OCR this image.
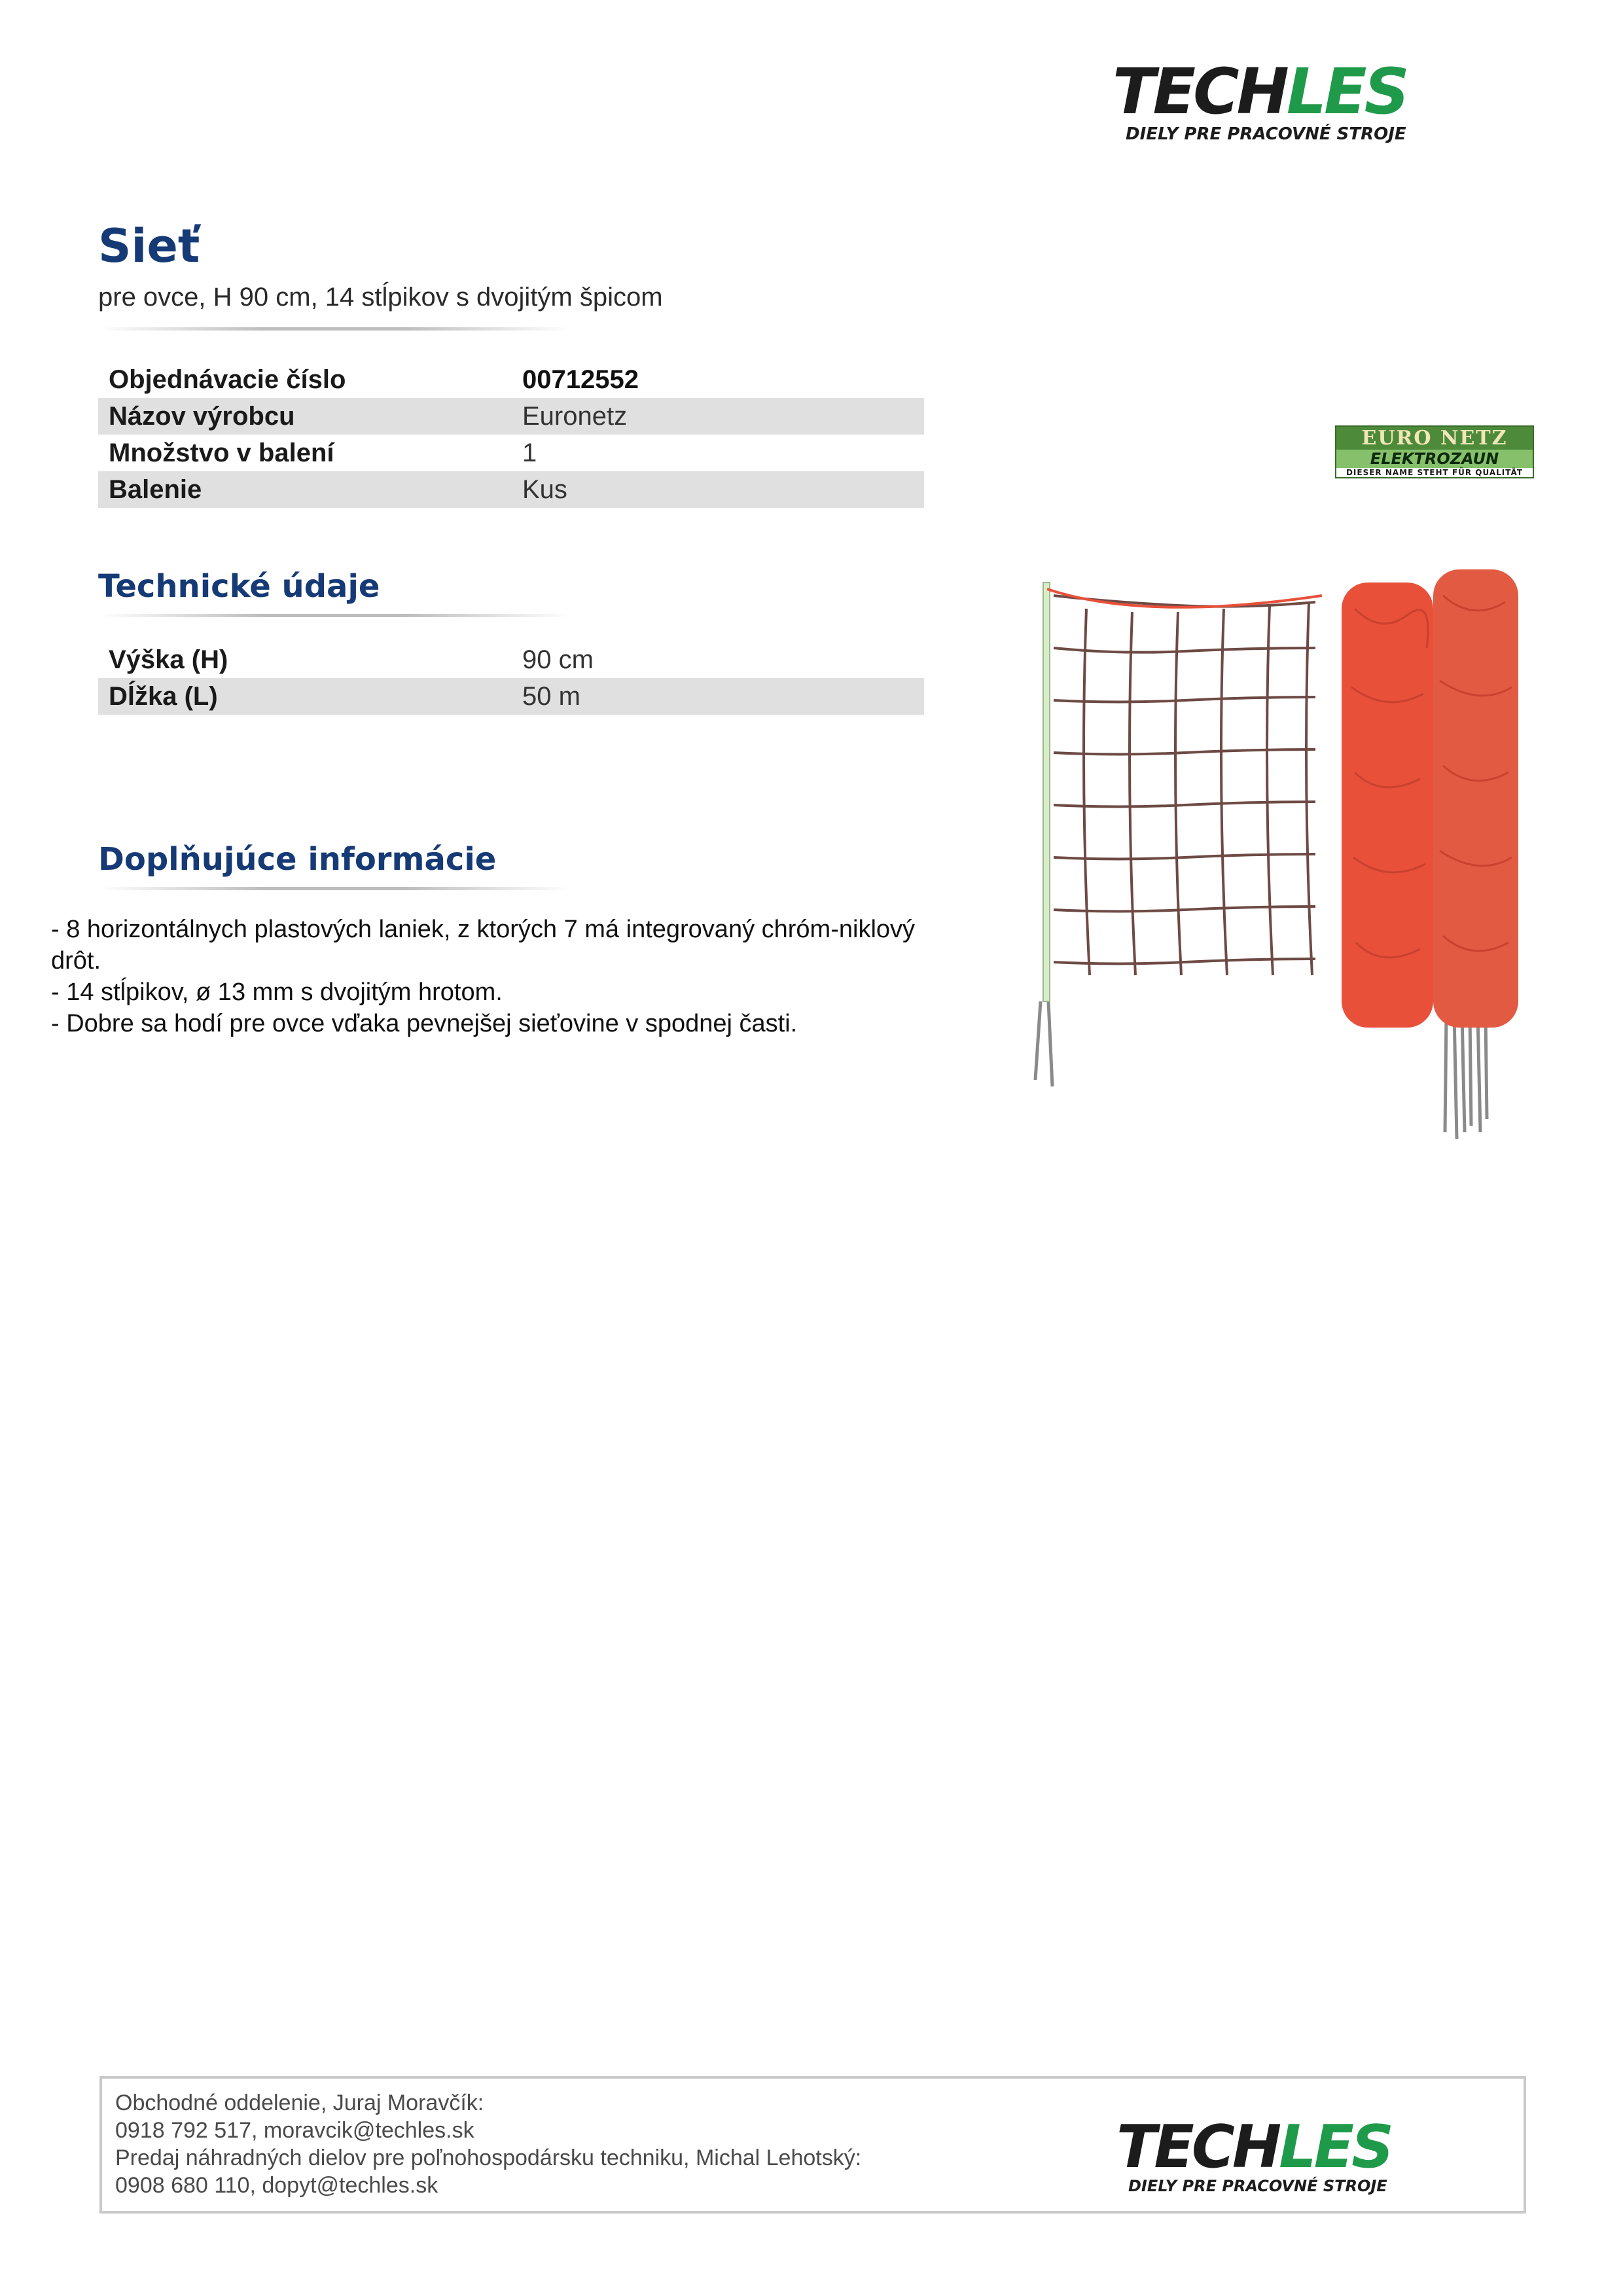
TECHLES
DIELY PRE PRACOVNÉ STROJE
Sieť
pre ovce, H 90 cm, 14 stĺpikov s dvojitým špicom
Objednávacie číslo	00712552
Názov výrobcu	Euronetz
Množstvo v balení	1
Balenie	Kus
EURO NETZ
ELEKTROZAUN
DIESER NAME STEHT FÜR QUALITÄT
Technické údaje
Výška (H)	90 cm
Dĺžka (L)	50 m
Doplňujúce informácie
- 8 horizontálnych plastových laniek, z ktorých 7 má integrovaný chróm-niklový
drôt.
- 14 stĺpikov, ø 13 mm s dvojitým hrotom.
- Dobre sa hodí pre ovce vďaka pevnejšej sieťovine v spodnej časti.
Obchodné oddelenie, Juraj Moravčík:
0918 792 517, moravcik@techles.sk
Predaj náhradných dielov pre poľnohospodársku techniku, Michal Lehotský:
0908 680 110, dopyt@techles.sk
TECHLES
DIELY PRE PRACOVNÉ STROJE
